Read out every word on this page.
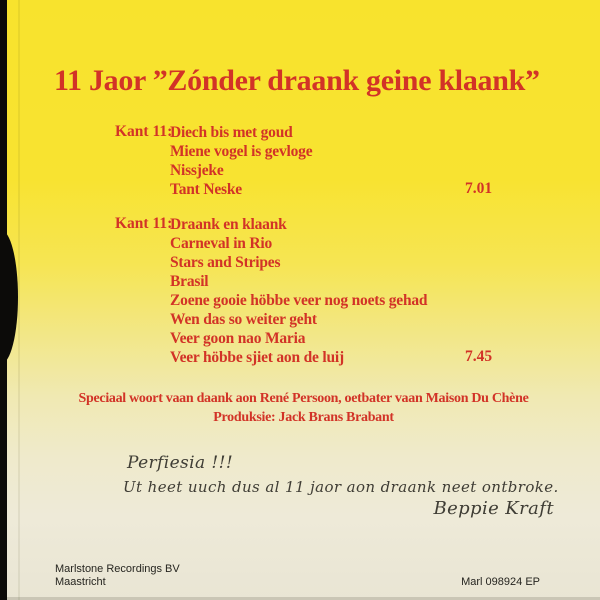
11 Jaor ”Zónder draank geine klaank”
Kant 11:
Diech bis met goud
Miene vogel is gevloge
Nissjeke
Tant Neske	7.01
Kant 11:
Draank en klaank
Carneval in Rio
Stars and Stripes
Brasil
Zoene gooie höbbe veer nog noets gehad
Wen das so weiter geht
Veer goon nao Maria
Veer höbbe sjiet aon de luij	7.45
Speciaal woort vaan daank aon René Persoon, oetbater vaan Maison Du Chène
Produksie: Jack Brans Brabant
Perfiesia !!!
Ut heet uuch dus al 11 jaor aon draank neet ontbroke.
Beppie Kraft
Marlstone Recordings BV
Maastricht	Marl 098924 EP
